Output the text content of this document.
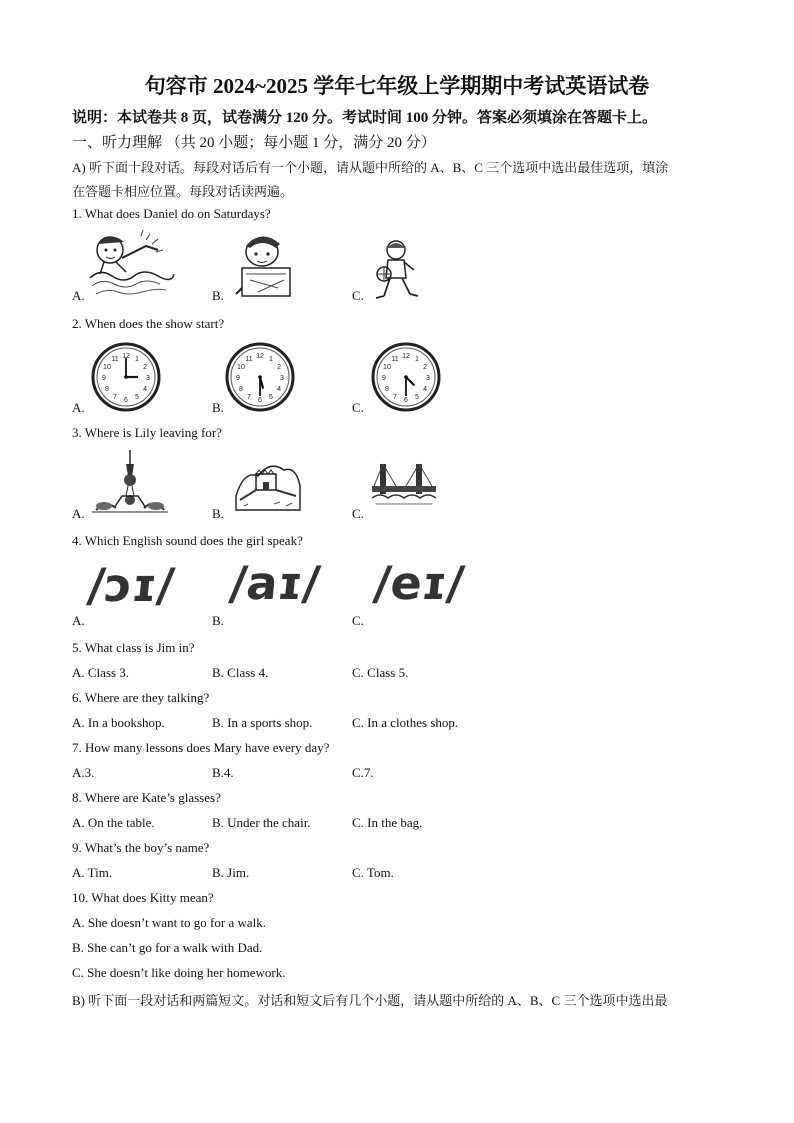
句容市 2024~2025 学年七年级上学期期中考试英语试卷
说明：本试卷共 8 页，试卷满分 120 分。考试时间 100 分钟。答案必须填涂在答题卡上。
一、听力理解 （共 20 小题；每小题 1 分，满分 20 分）
A) 听下面十段对话。每段对话后有一个小题，请从题中所给的 A、B、C 三个选项中选出最佳选项，填涂
在答题卡相应位置。每段对话读两遍。
1. What does Daniel do on Saturdays?
A.	B.	C.
2. When does the show start?
A.	B.	C.
1
2
3
4
5
6
7
8
9
10
11 12	1
2
3
4
5
6
7
8
9
10
11 12	1
2
3
4
5
6
7
8
9
10
11 12
3. Where is Lily leaving for?
A.	B.	C.
4. Which English sound does the girl speak?
A.	B.	C.
/ɔɪ/ /aɪ/ /eɪ/
5. What class is Jim in?
A. Class 3.	B. Class 4.	C. Class 5.
6. Where are they talking?
A. In a bookshop.	B. In a sports shop.	C. In a clothes shop.
7. How many lessons does Mary have every day?
A.3.	B.4.	C.7.
8. Where are Kate’s glasses?
A. On the table.	B. Under the chair.	C. In the bag.
9. What’s the boy’s name?
A. Tim.	B. Jim.	C. Tom.
10. What does Kitty mean?
A. She doesn’t want to go for a walk.
B. She can’t go for a walk with Dad.
C. She doesn’t like doing her homework.
B) 听下面一段对话和两篇短文。对话和短文后有几个小题，请从题中所给的 A、B、C 三个选项中选出最
